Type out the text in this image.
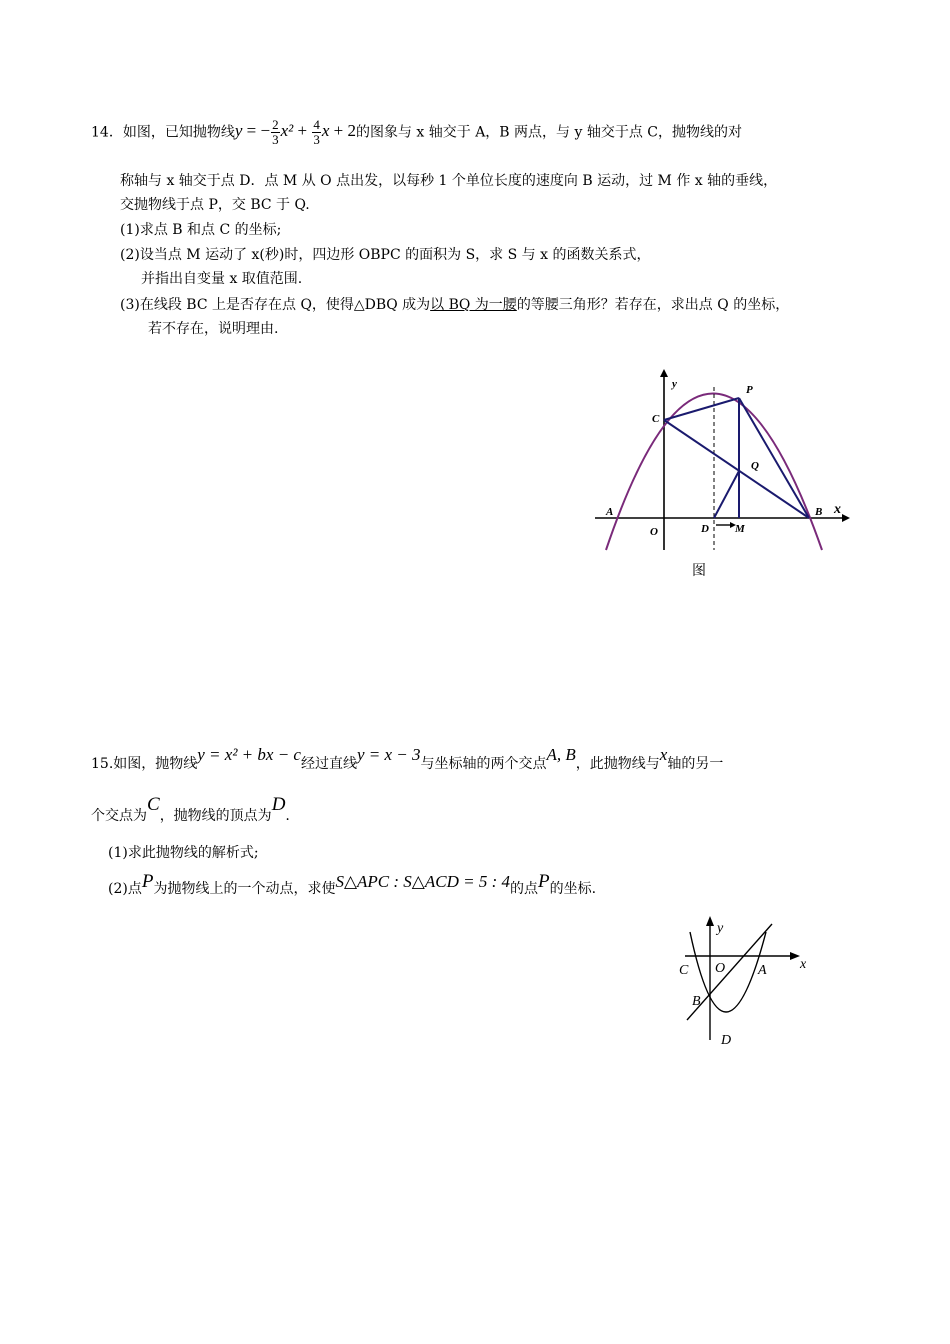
14．如图，已知抛物线y = − $\frac{2}{3} x^2 + \frac{4}{3}$ x + 2的图象与 x 轴交于 A，B 两点，与 y 轴交于点 C，抛物线的对
称轴与 x 轴交于点 D．点 M 从 O 点出发，以每秒 1 个单位长度的速度向 B 运动，过 M 作 x 轴的垂线，
交抛物线于点 P，交 BC 于 Q.
(1)求点 B 和点 C 的坐标;
(2)设当点 M 运动了 x(秒)时，四边形 OBPC 的面积为 S，求 S 与 x 的函数关系式，
并指出自变量 x 取值范围.
(3)在线段 BC 上是否存在点 Q，使得△DBQ 成为以 BQ 为一腰的等腰三角形？若存在，求出点 Q 的坐标，
若不存在，说明理由.
y
x
P
C
Q
A
O	D M
B
图
15.如图，抛物线y = x² + bx − c经过直线y = x − 3与坐标轴的两个交点A, B，此抛物线与x轴的另一
个交点为C，抛物线的顶点为D.
(1)求此抛物线的解析式;
(2)点P为抛物线上的一个动点，求使S△APC : S△ACD = 5 : 4的点P的坐标.
y
x
C O A
B
D
